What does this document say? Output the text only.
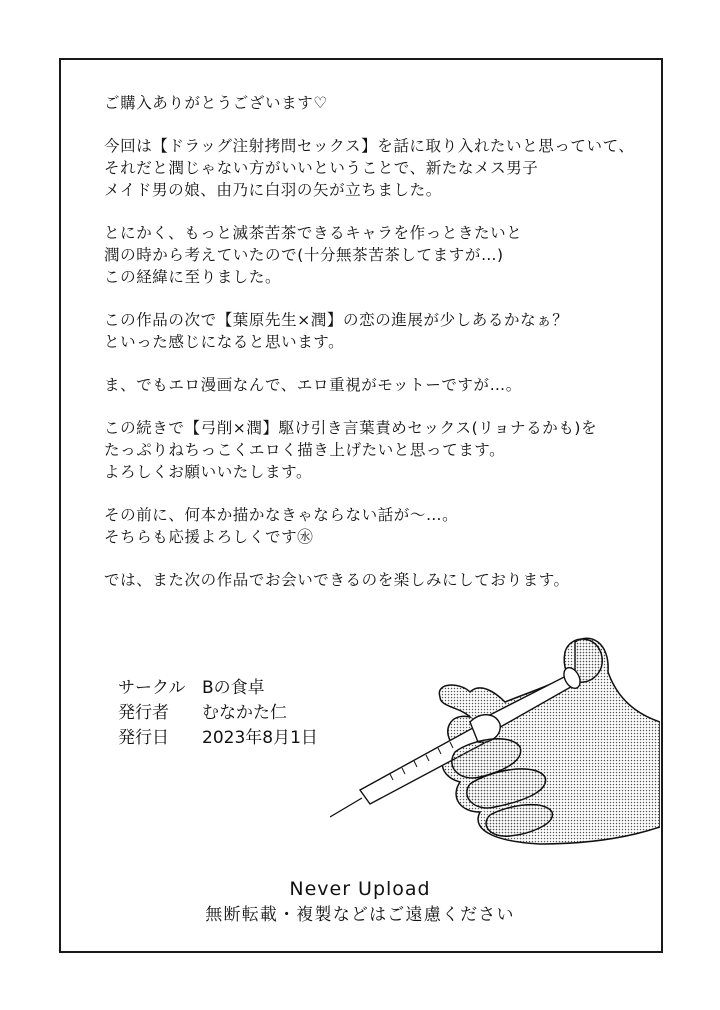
ご購入ありがとうございます♡

今回は【ドラッグ注射拷問セックス】を話に取り入れたいと思っていて、
それだと潤じゃない方がいいということで、新たなメス男子
メイド男の娘、由乃に白羽の矢が立ちました。

とにかく、もっと滅茶苦茶できるキャラを作っときたいと
潤の時から考えていたので(十分無茶苦茶してますが…)
この経緯に至りました。

この作品の次で【葉原先生×潤】の恋の進展が少しあるかなぁ？
といった感じになると思います。

ま、でもエロ漫画なんで、エロ重視がモットーですが…。

この続きで【弓削×潤】駆け引き言葉責めセックス(リョナるかも)を
たっぷりねちっこくエロく描き上げたいと思ってます。
よろしくお願いいたします。

その前に、何本か描かなきゃならない話が〜…。
そちらも応援よろしくです㊌

では、また次の作品でお会いできるのを楽しみにしております。

サークル Bの食卓
発行者	むなかた仁
発行日	2023年8月1日
Never Upload
無断転載・複製などはご遠慮ください
